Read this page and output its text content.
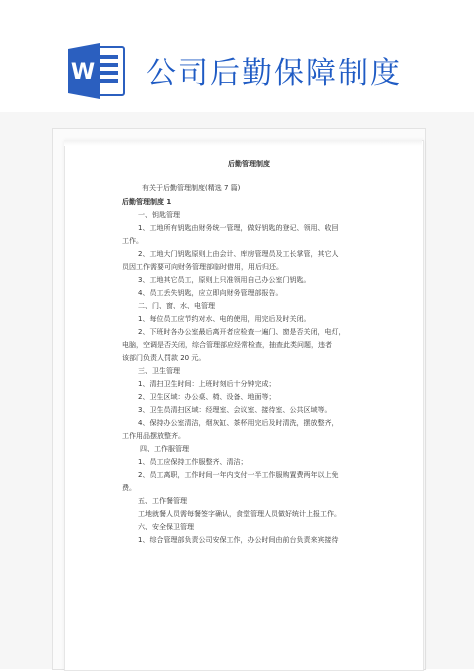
W 公司后勤保障制度

后勤管理制度

有关于后勤管理制度(精选 7 篇)

后勤管理制度 1

一、钥匙管理

1、工地所有钥匙由财务统一管理，做好钥匙的登记、领用、收回

工作。

2、工地大门钥匙原则上由会计、库房管理员及工长掌管，其它人

员因工作需要可向财务管理部临时借用，用后归还。

3、工地其它员工，原则上只准领用自己办公室门钥匙。

4、员工丢失钥匙，应立即向财务管理部报告。

二、门、窗、水、电管理

1、每位员工应节约对水、电的使用，用完后及时关闭。

2、下班时各办公室最后离开者应检查一遍门、窗是否关闭，电灯，

电脑，空调是否关闭，综合管理部应经常检查，抽查此类问题，违者

该部门负责人罚款 20 元。

三、卫生管理

1、清扫卫生时间：上班时刻后十分钟完成；

2、卫生区域：办公桌、椅、设备、地面等；

3、卫生员清扫区域：经理室、会议室、接待室、公共区域等。

4、保持办公室清洁，烟灰缸、茶杯用完后及时清洗，摆放整齐，

工作用品摆放整齐。

四、工作服管理

1、员工应保持工作服整齐、清洁；

2、员工离职，工作时间一年内支付一半工作服购置费两年以上免

费。

五、工作餐管理

工地就餐人员需每餐签字确认，食堂管理人员做好统计上报工作。

六、安全保卫管理

1、综合管理部负责公司安保工作，办公时间由前台负责来宾接待
